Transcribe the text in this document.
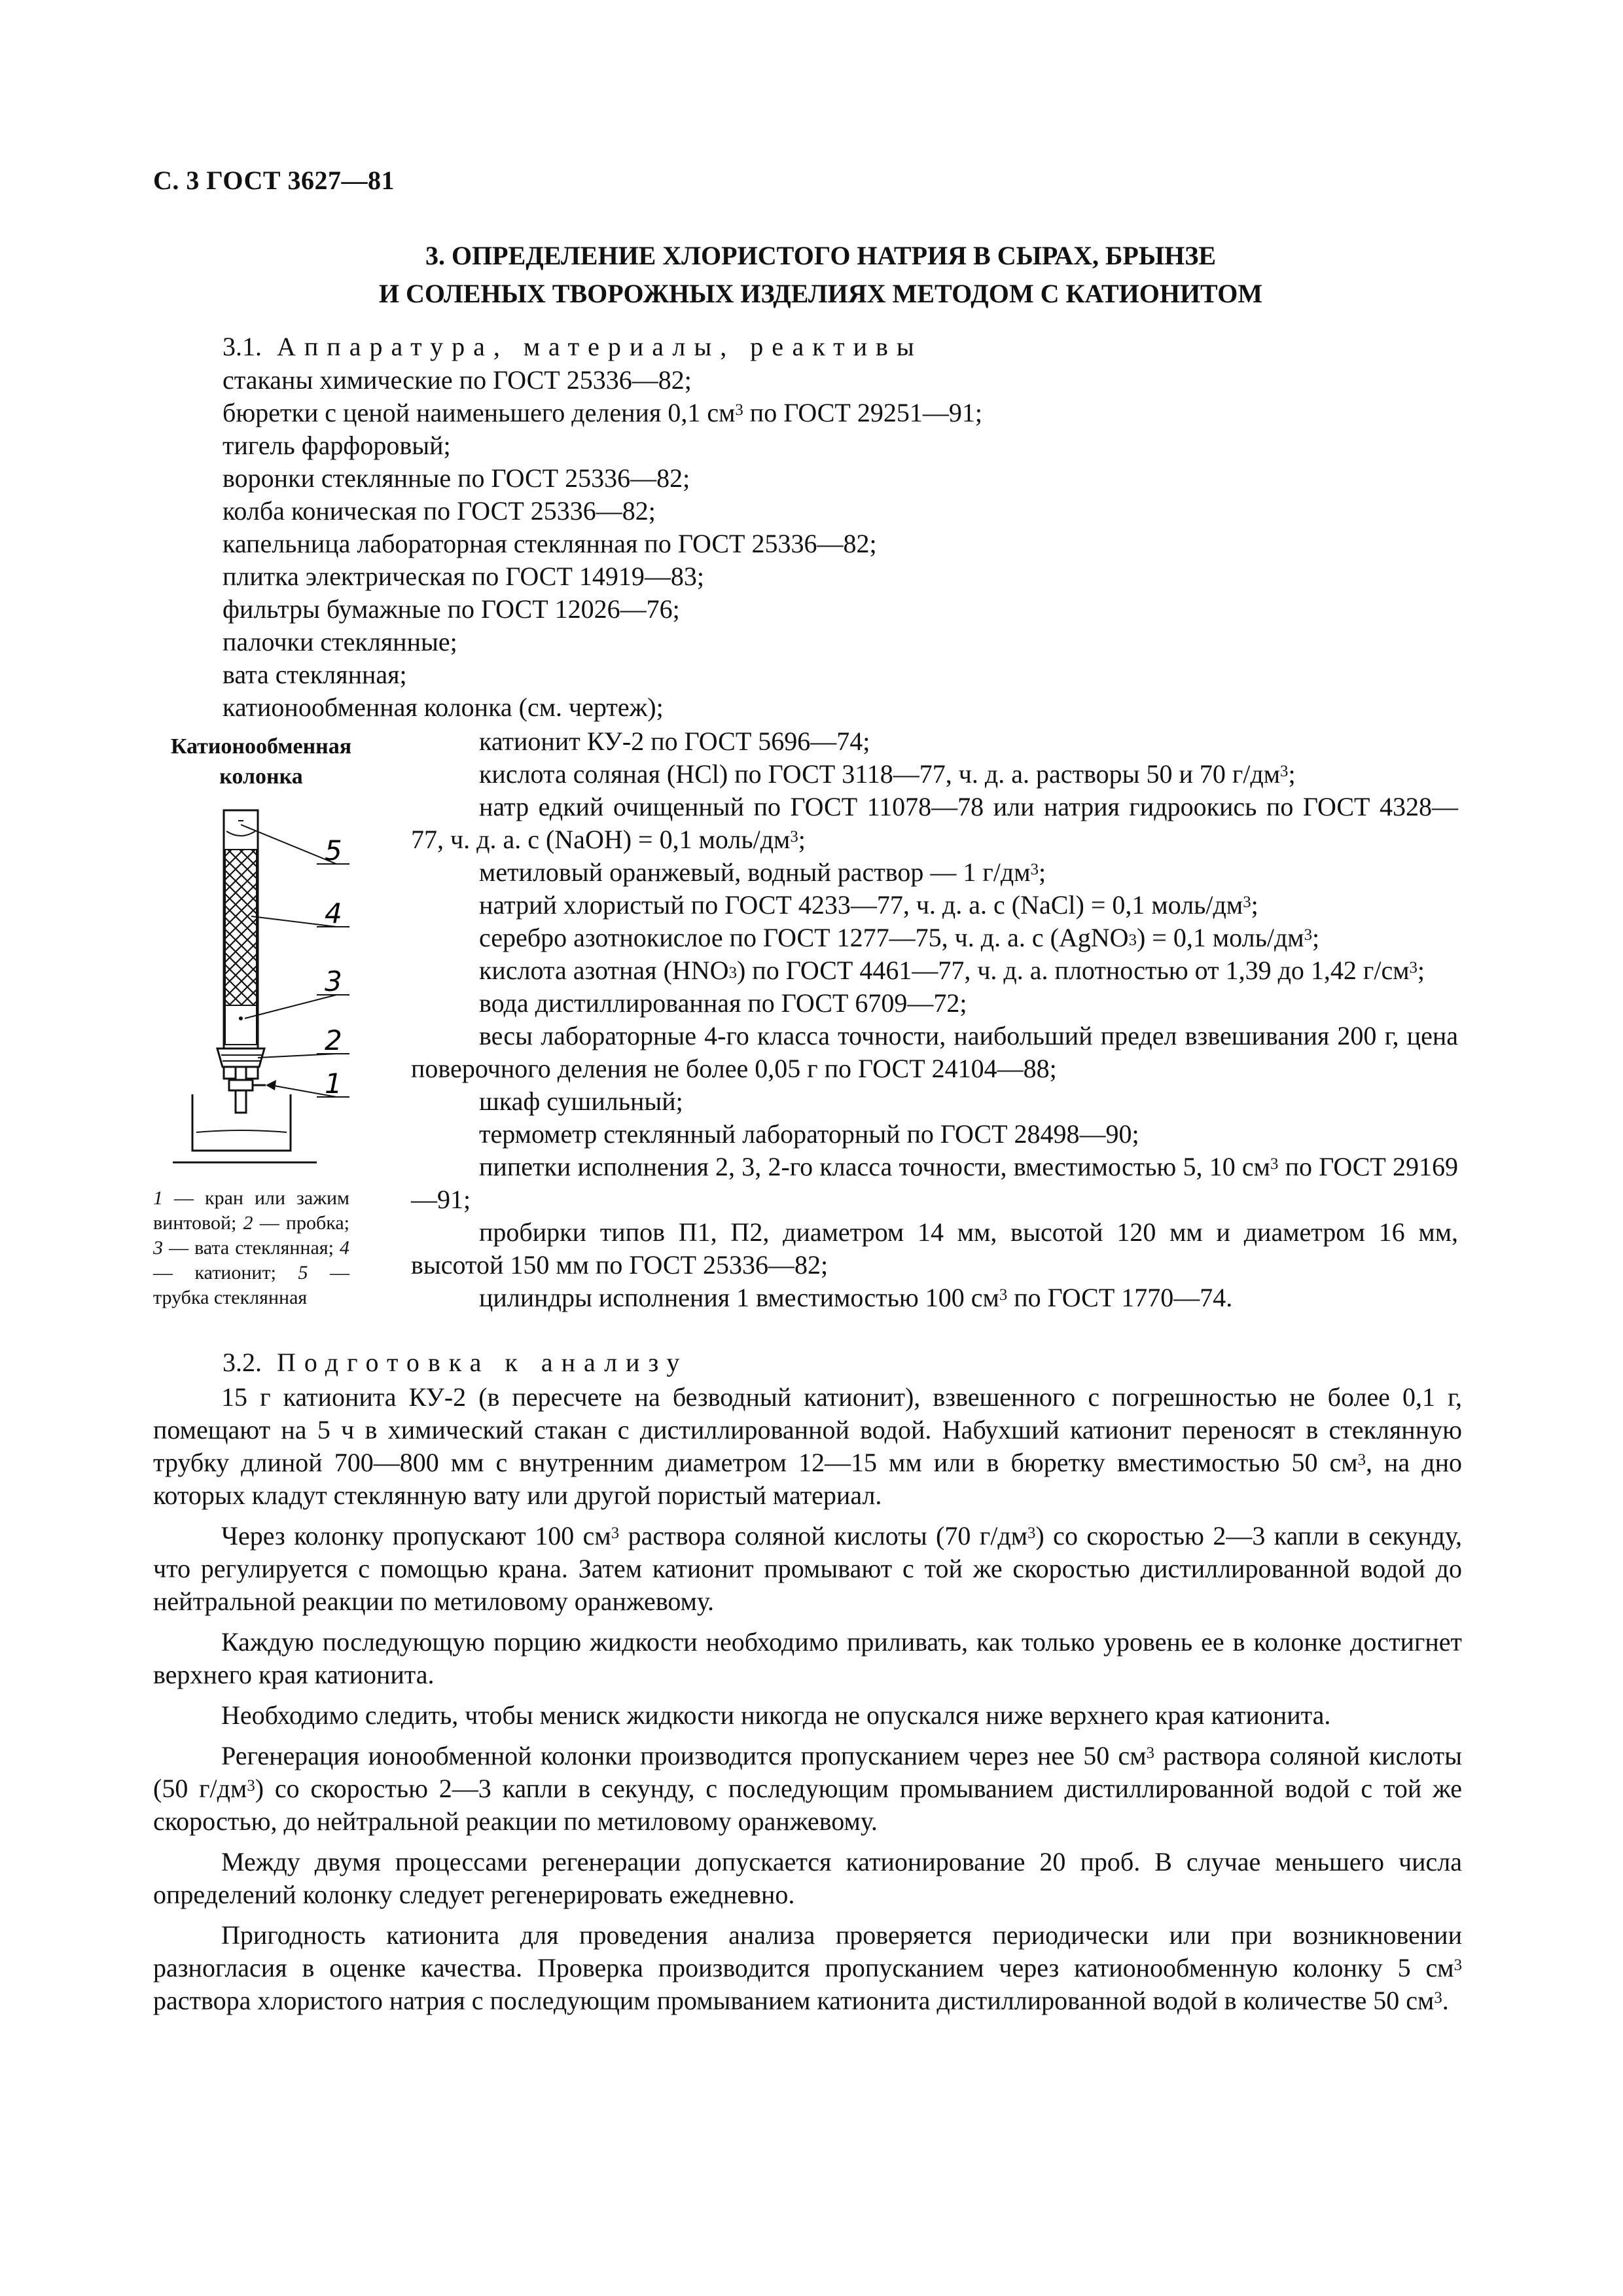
С. 3 ГОСТ 3627—81
3. ОПРЕДЕЛЕНИЕ ХЛОРИСТОГО НАТРИЯ В СЫРАХ, БРЫНЗЕ
И СОЛЕНЫХ ТВОРОЖНЫХ ИЗДЕЛИЯХ МЕТОДОМ С КАТИОНИТОМ
3.1. Аппаратура, материалы, реактивы
стаканы химические по ГОСТ 25336—82;
бюретки с ценой наименьшего деления 0,1 $см^3$ по ГОСТ 29251—91;
тигель фарфоровый;
воронки стеклянные по ГОСТ 25336—82;
колба коническая по ГОСТ 25336—82;
капельница лабораторная стеклянная по ГОСТ 25336—82;
плитка электрическая по ГОСТ 14919—83;
фильтры бумажные по ГОСТ 12026—76;
палочки стеклянные;
вата стеклянная;
катионообменная колонка (см. чертеж);
Катионообменная
колонка
5
4
3
2
1
1 — кран или зажим винтовой; 2 — пробка; 3 — вата стеклянная; 4 — катионит; 5 — трубка стеклянная
катионит КУ-2 по ГОСТ 5696—74;
кислота соляная (HCl) по ГОСТ 3118—77, ч. д. а. растворы 50 и 70 $г/дм^3$;
натр едкий очищенный по ГОСТ 11078—78 или натрия гидроокись по ГОСТ 4328—77, ч. д. а. с (NaOH) = 0,1 моль/$дм^3$;
метиловый оранжевый, водный раствор — 1 $г/дм^3$;
натрий хлористый по ГОСТ 4233—77, ч. д. а. с (NaCl) = 0,1 моль/$дм^3$;
серебро азотнокислое по ГОСТ 1277—75, ч. д. а. с (AgNO$_3$) = 0,1 моль/$дм^3$;
кислота азотная $(HNO_3)$ по ГОСТ 4461—77, ч. д. а. плотностью от 1,39 до 1,42 $г/см^3$;
вода дистиллированная по ГОСТ 6709—72;
весы лабораторные 4-го класса точности, наибольший предел взвешивания 200 г, цена поверочного деления не более 0,05 г по ГОСТ 24104—88;
шкаф сушильный;
термометр стеклянный лабораторный по ГОСТ 28498—90;
пипетки исполнения 2, 3, 2-го класса точности, вместимостью 5, 10 $см^3$ по ГОСТ 29169—91;
пробирки типов П1, П2, диаметром 14 мм, высотой 120 мм и диаметром 16 мм, высотой 150 мм по ГОСТ 25336—82;
цилиндры исполнения 1 вместимостью 100 $см^3$ по ГОСТ 1770—74.
3.2. Подготовка к анализу

15 г катионита КУ-2 (в пересчете на безводный катионит), взвешенного с погрешностью не более 0,1 г, помещают на 5 ч в химический стакан с дистиллированной водой. Набухший катионит переносят в стеклянную трубку длиной 700—800 мм с внутренним диаметром 12—15 мм или в бюретку вместимостью 50 $см^3$, на дно которых кладут стеклянную вату или другой пористый материал.

Через колонку пропускают 100 $см^3$ раствора соляной кислоты (70 $г/дм^3$) со скоростью 2—3 капли в секунду, что регулируется с помощью крана. Затем катионит промывают с той же скоростью дистиллированной водой до нейтральной реакции по метиловому оранжевому.

Каждую последующую порцию жидкости необходимо приливать, как только уровень ее в колонке достигнет верхнего края катионита.

Необходимо следить, чтобы мениск жидкости никогда не опускался ниже верхнего края катионита.

Регенерация ионообменной колонки производится пропусканием через нее 50 $см^3$ раствора соляной кислоты (50 $г/дм^3$) со скоростью 2—3 капли в секунду, с последующим промыванием дистиллированной водой с той же скоростью, до нейтральной реакции по метиловому оранжевому.

Между двумя процессами регенерации допускается катионирование 20 проб. В случае меньшего числа определений колонку следует регенерировать ежедневно.

Пригодность катионита для проведения анализа проверяется периодически или при возникновении разногласия в оценке качества. Проверка производится пропусканием через катионообменную колонку 5 $см^3$ раствора хлористого натрия с последующим промыванием катионита дистиллированной водой в количестве 50 $см^3$.
